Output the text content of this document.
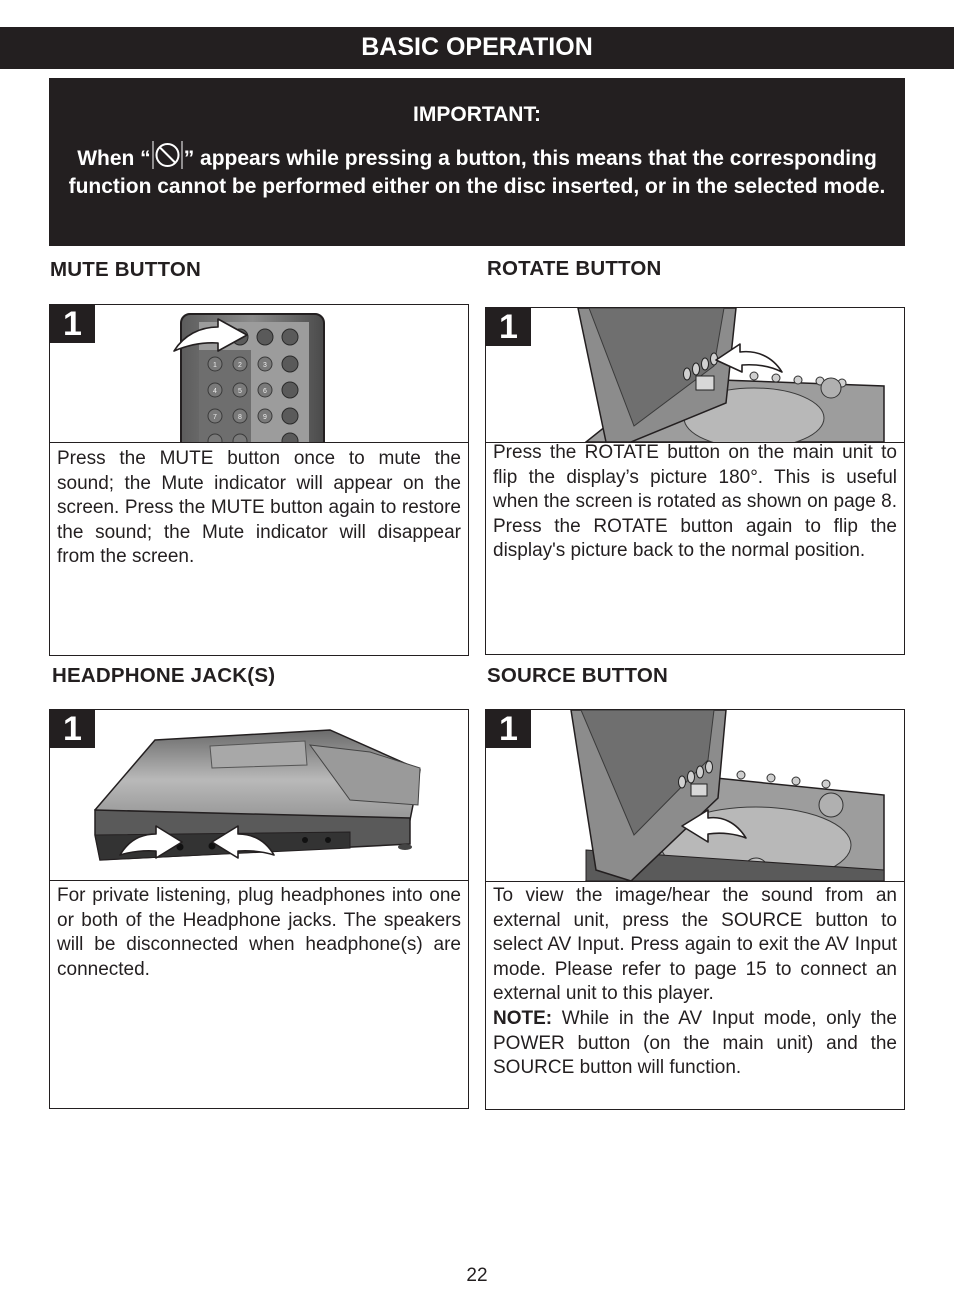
BASIC OPERATION
IMPORTANT:
When “ ” appears while pressing a button, this means that the corresponding function cannot be performed either on the disc inserted, or in the selected mode.
MUTE BUTTON
1	2	3
4	5	6
7	8	9
1

Press the MUTE button once to mute the sound; the Mute indicator will appear on the screen. Press the MUTE button again to restore the sound; the Mute indicator will disappear from the screen.

ROTATE BUTTON
1

Press the ROTATE button on the main unit to flip the display’s picture 180°. This is useful when the screen is rotated as shown on page 8. Press the ROTATE button again to flip the display's picture back to the normal position.

HEADPHONE JACK(S)
1

For private listening, plug headphones into one or both of the Headphone jacks. The speakers will be disconnected when headphone(s) are connected.

SOURCE BUTTON
1

To view the image/hear the sound from an external unit, press the SOURCE button to select AV Input. Press again to exit the AV Input mode. Please refer to page 15 to connect an external unit to this player.

NOTE: While in the AV Input mode, only the POWER button (on the main unit) and the SOURCE button will function.

22
